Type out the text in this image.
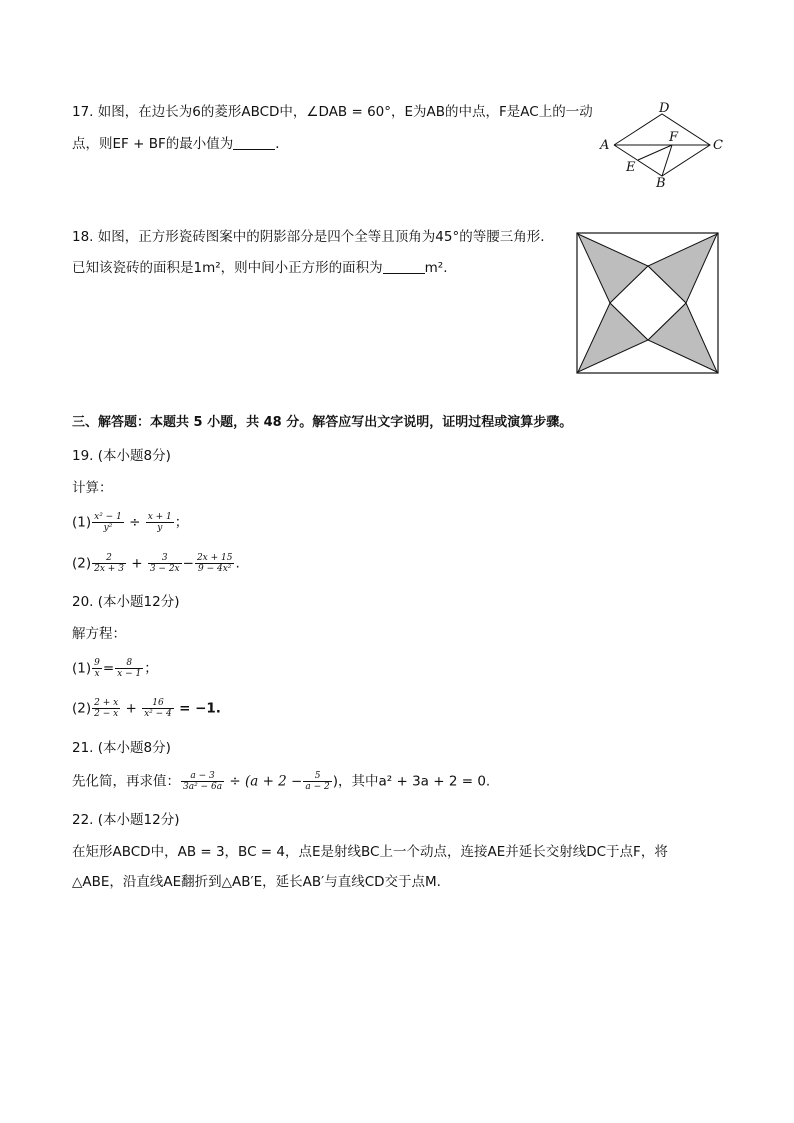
17. 如图，在边长为6的菱形ABCD中，∠DAB = 60°，E为AB的中点，F是AC上的一动
点，则EF + BF的最小值为	．	A
D
C
F
E
B
18. 如图，正方形瓷砖图案中的阴影部分是四个全等且顶角为45°的等腰三角形.
已知该瓷砖的面积是1m²，则中间小正方形的面积为	m².
三、解答题：本题共 5 小题，共 48 分。解答应写出文字说明，证明过程或演算步骤。
19. (本小题8分)
计算：
$(1) \frac{\text{x² − 1}}{\text{y²}} \div \frac{x + 1}{y}$ ；
$(2) \frac{2}{2x + 3} + \frac{3}{3 - 2x} - \frac{2x + 15}{\text{9 − 4x²}}$ .
20. (本小题12分)
解方程：
$(1) \frac{9}{x} = \frac{8}{x - 1}$ ；
$(2) \frac{2 + x}{2 - x} + \frac{16}{\text{x² − 4}} = -1$.
21. (本小题8分)
先化简，再求值： $\frac{a - 3}{\text{3a² − 6a}} \div (a + 2 - \frac{5}{a - 2}$ )，其中a² + 3a + 2 = 0.
22. (本小题12分)
在矩形ABCD中，AB = 3，BC = 4，点E是射线BC上一个动点，连接AE并延长交射线DC于点F，将
△ABE，沿直线AE翻折到△AB′E，延长AB′与直线CD交于点M.
